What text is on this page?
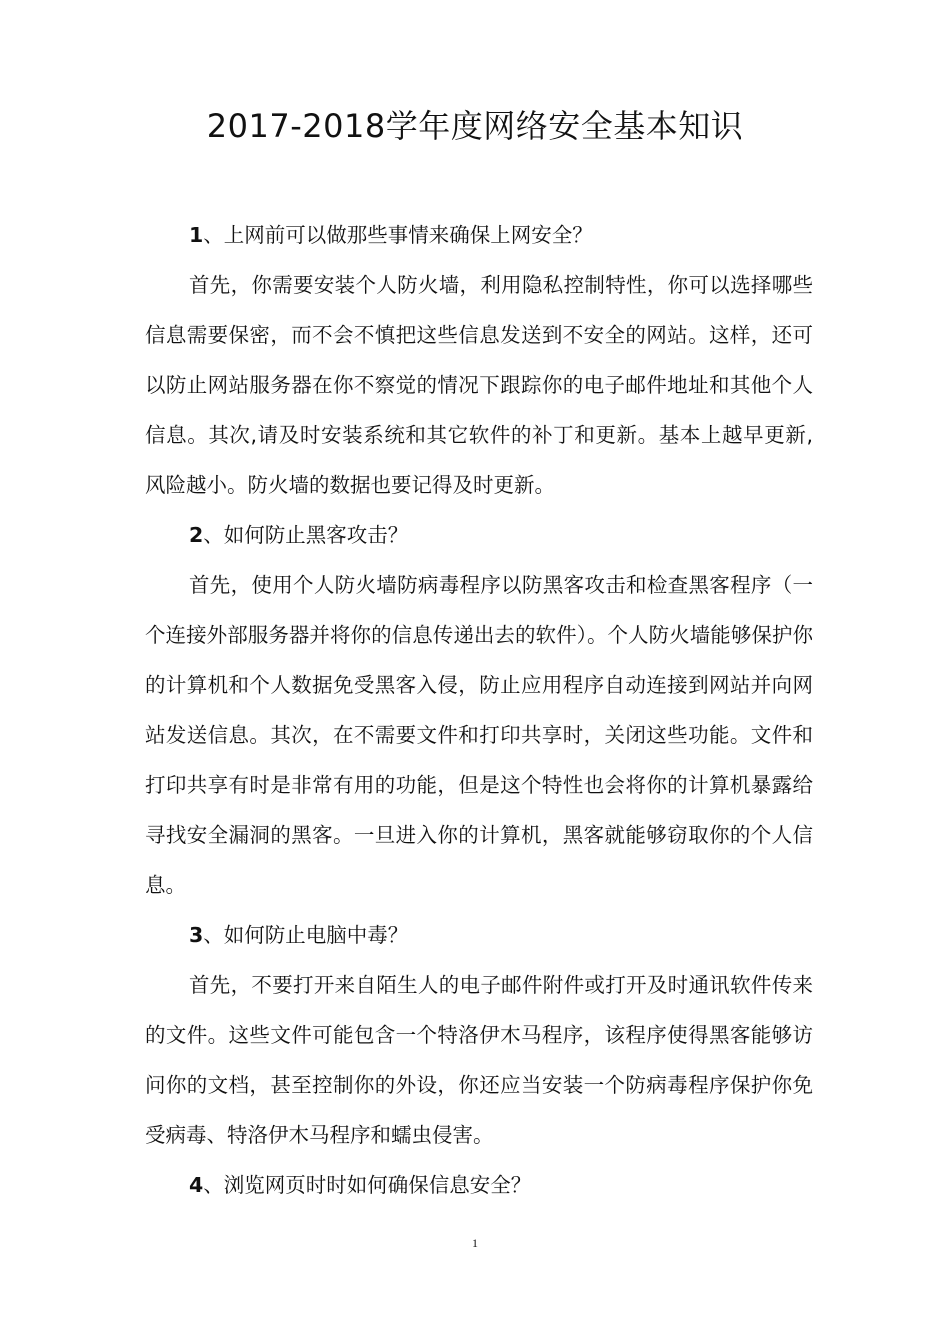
2017-2018学年度网络安全基本知识

1、上网前可以做那些事情来确保上网安全？

首先，你需要安装个人防火墙，利用隐私控制特性，你可以选择哪些信息需要保密，而不会不慎把这些信息发送到不安全的网站。这样，还可以防止网站服务器在你不察觉的情况下跟踪你的电子邮件地址和其他个人信息。其次,请及时安装系统和其它软件的补丁和更新。基本上越早更新,风险越小。防火墙的数据也要记得及时更新。

2、如何防止黑客攻击？

首先，使用个人防火墙防病毒程序以防黑客攻击和检查黑客程序（一个连接外部服务器并将你的信息传递出去的软件）。个人防火墙能够保护你的计算机和个人数据免受黑客入侵，防止应用程序自动连接到网站并向网站发送信息。其次，在不需要文件和打印共享时，关闭这些功能。文件和打印共享有时是非常有用的功能，但是这个特性也会将你的计算机暴露给寻找安全漏洞的黑客。一旦进入你的计算机，黑客就能够窃取你的个人信息。

3、如何防止电脑中毒？

首先，不要打开来自陌生人的电子邮件附件或打开及时通讯软件传来的文件。这些文件可能包含一个特洛伊木马程序，该程序使得黑客能够访问你的文档，甚至控制你的外设，你还应当安装一个防病毒程序保护你免受病毒、特洛伊木马程序和蠕虫侵害。

4、浏览网页时时如何确保信息安全？

1
